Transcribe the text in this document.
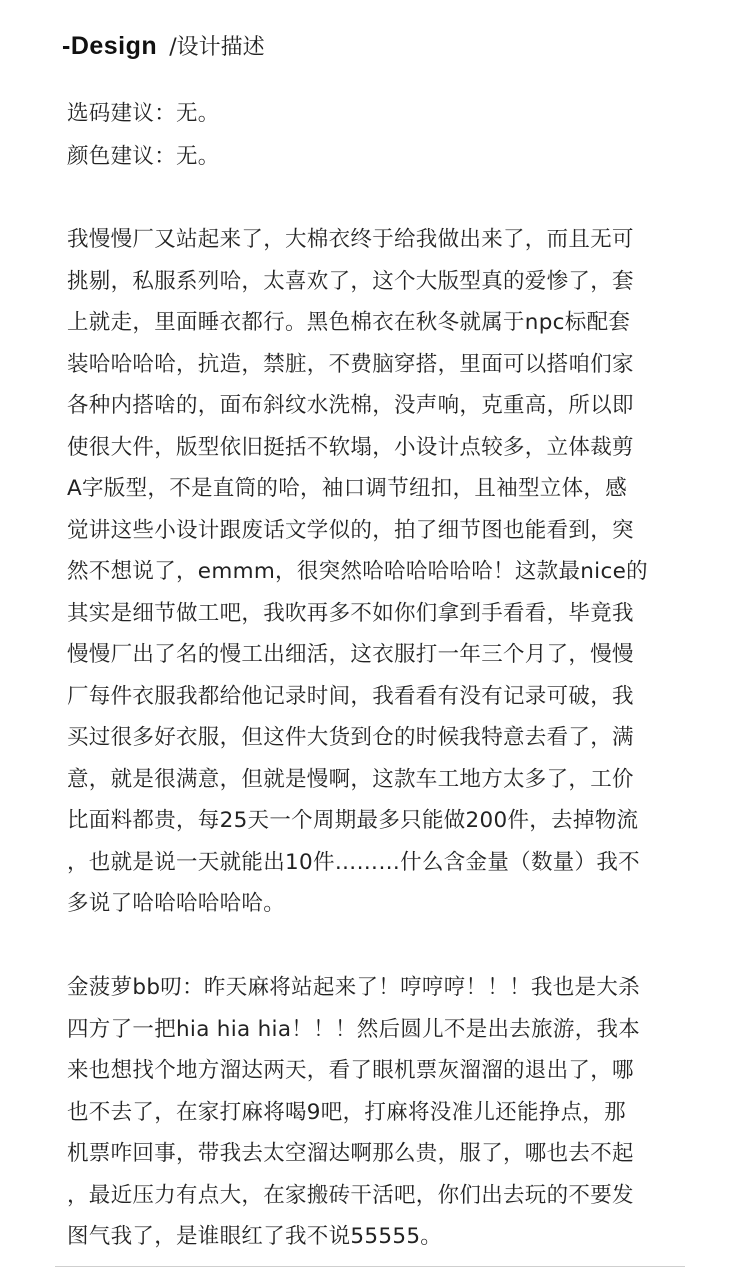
-Design /设计描述
选码建议：无。
颜色建议：无。
我慢慢厂又站起来了，大棉衣终于给我做出来了，而且无可
挑剔，私服系列哈，太喜欢了，这个大版型真的爱惨了，套
上就走，里面睡衣都行。黑色棉衣在秋冬就属于npc标配套
装哈哈哈哈，抗造，禁脏，不费脑穿搭，里面可以搭咱们家
各种内搭啥的，面布斜纹水洗棉，没声响，克重高，所以即
使很大件，版型依旧挺括不软塌，小设计点较多，立体裁剪
A字版型，不是直筒的哈，袖口调节纽扣，且袖型立体，感
觉讲这些小设计跟废话文学似的，拍了细节图也能看到，突
然不想说了，emmm，很突然哈哈哈哈哈哈！这款最nice的
其实是细节做工吧，我吹再多不如你们拿到手看看，毕竟我
慢慢厂出了名的慢工出细活，这衣服打一年三个月了，慢慢
厂每件衣服我都给他记录时间，我看看有没有记录可破，我
买过很多好衣服，但这件大货到仓的时候我特意去看了，满
意，就是很满意，但就是慢啊，这款车工地方太多了，工价
比面料都贵，每25天一个周期最多只能做200件，去掉物流
，也就是说一天就能出10件………什么含金量（数量）我不
多说了哈哈哈哈哈哈。
金菠萝bb叨：昨天麻将站起来了！哼哼哼！！！我也是大杀
四方了一把hia hia hia！！！然后圆儿不是出去旅游，我本
来也想找个地方溜达两天，看了眼机票灰溜溜的退出了，哪
也不去了，在家打麻将喝9吧，打麻将没准儿还能挣点，那
机票咋回事，带我去太空溜达啊那么贵，服了，哪也去不起
，最近压力有点大，在家搬砖干活吧，你们出去玩的不要发
图气我了，是谁眼红了我不说55555。
